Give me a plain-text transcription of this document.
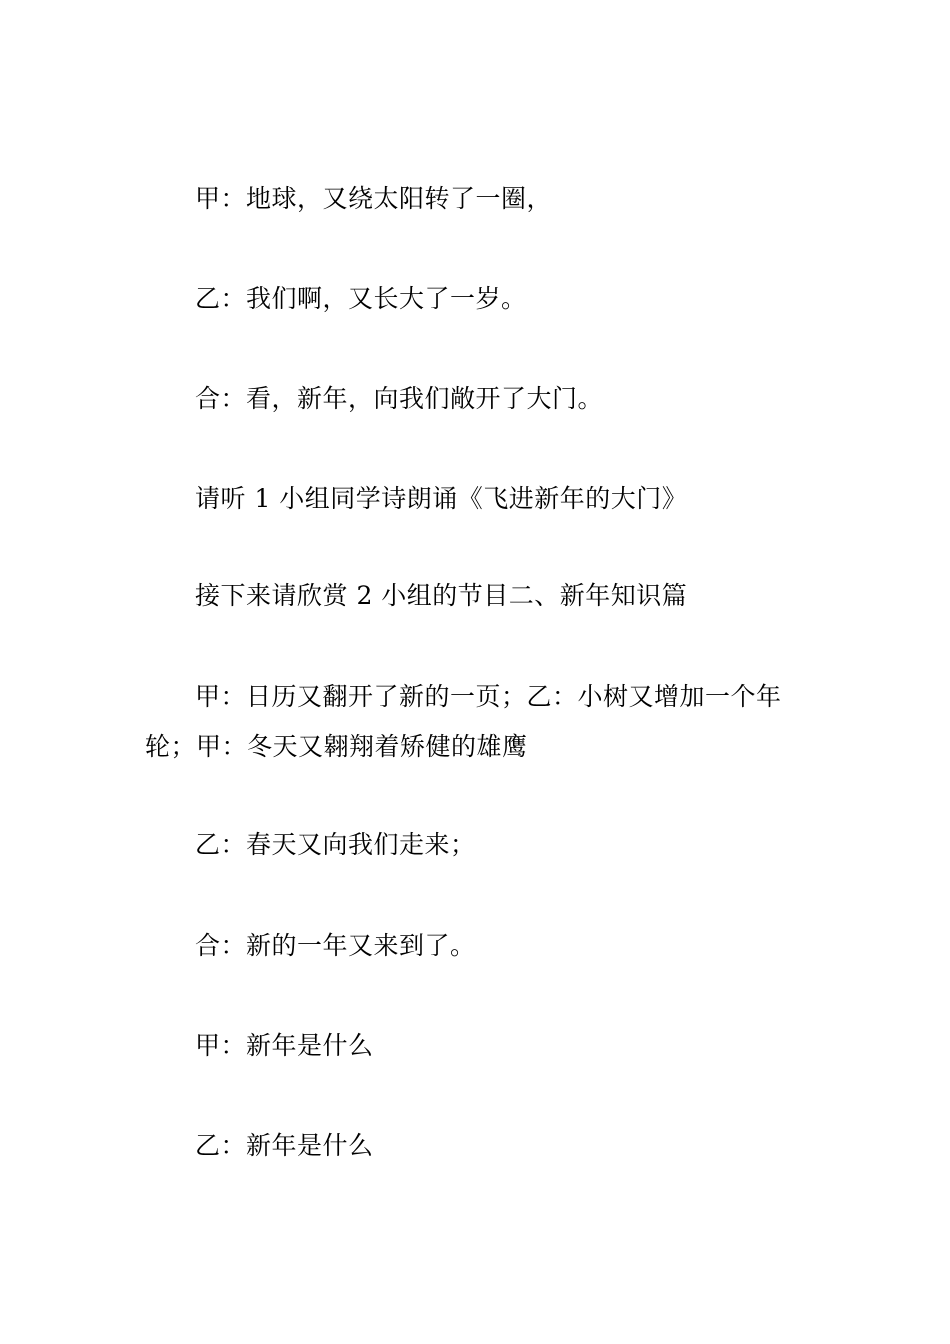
甲：地球，又绕太阳转了一圈，
乙：我们啊，又长大了一岁。
合：看，新年，向我们敞开了大门。
请听 1 小组同学诗朗诵《飞进新年的大门》
接下来请欣赏 2 小组的节目二、新年知识篇
甲：日历又翻开了新的一页；乙：小树又增加一个年
轮；甲：冬天又翱翔着矫健的雄鹰
乙：春天又向我们走来；
合：新的一年又来到了。
甲：新年是什么
乙：新年是什么
